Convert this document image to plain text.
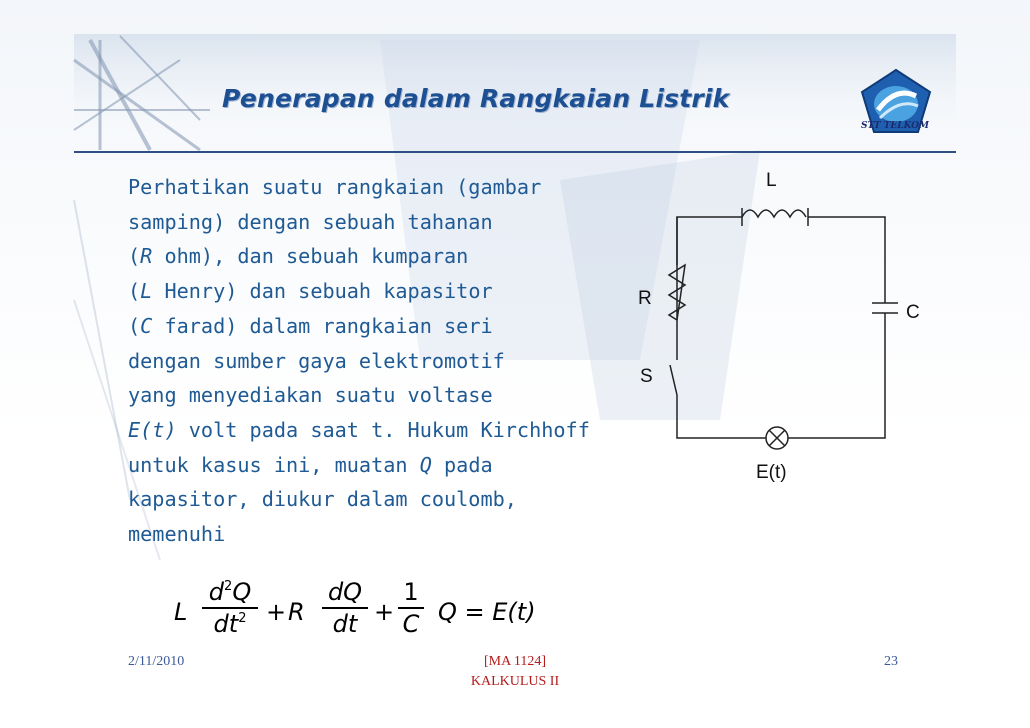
Penerapan dalam Rangkaian Listrik
STT TELKOM
Perhatikan suatu rangkaian (gambar
samping) dengan sebuah tahanan
(R ohm), dan sebuah kumparan
(L Henry) dan sebuah kapasitor
(C farad) dalam rangkaian seri
dengan sumber gaya elektromotif
yang menyediakan suatu voltase
E(t) volt pada saat t. Hukum Kirchhoff
untuk kasus ini, muatan Q pada
kapasitor, diukur dalam coulomb,
memenuhi
L
$d^2Q$
$dt^2 + R$
dQ
dt +
1
C Q = E(t)
L
R
C
S
E(t)
2/11/2010	[MA 1124]
KALKULUS II
23
